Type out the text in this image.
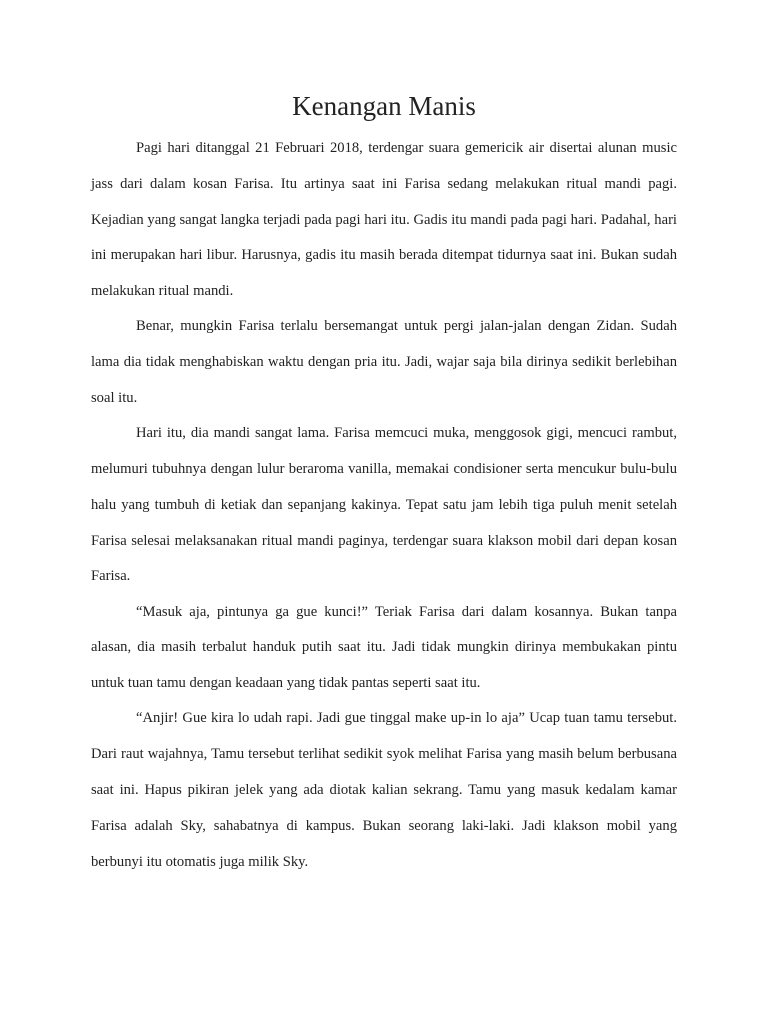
Kenangan Manis

Pagi hari ditanggal 21 Februari 2018, terdengar suara gemericik air disertai alunan music jass dari dalam kosan Farisa. Itu artinya saat ini Farisa sedang melakukan ritual mandi pagi. Kejadian yang sangat langka terjadi pada pagi hari itu. Gadis itu mandi pada pagi hari. Padahal, hari ini merupakan hari libur. Harusnya, gadis itu masih berada ditempat tidurnya saat ini. Bukan sudah melakukan ritual mandi.

Benar, mungkin Farisa terlalu bersemangat untuk pergi jalan-jalan dengan Zidan. Sudah lama dia tidak menghabiskan waktu dengan pria itu. Jadi, wajar saja bila dirinya sedikit berlebihan soal itu.

Hari itu, dia mandi sangat lama. Farisa memcuci muka, menggosok gigi, mencuci rambut, melumuri tubuhnya dengan lulur beraroma vanilla, memakai condisioner serta mencukur bulu-bulu halu yang tumbuh di ketiak dan sepanjang kakinya. Tepat satu jam lebih tiga puluh menit setelah Farisa selesai melaksanakan ritual mandi paginya, terdengar suara klakson mobil dari depan kosan Farisa.

“Masuk aja, pintunya ga gue kunci!” Teriak Farisa dari dalam kosannya. Bukan tanpa alasan, dia masih terbalut handuk putih saat itu. Jadi tidak mungkin dirinya membukakan pintu untuk tuan tamu dengan keadaan yang tidak pantas seperti saat itu.

“Anjir! Gue kira lo udah rapi. Jadi gue tinggal make up-in lo aja” Ucap tuan tamu tersebut. Dari raut wajahnya, Tamu tersebut terlihat sedikit syok melihat Farisa yang masih belum berbusana saat ini. Hapus pikiran jelek yang ada diotak kalian sekrang. Tamu yang masuk kedalam kamar Farisa adalah Sky, sahabatnya di kampus. Bukan seorang laki-laki. Jadi klakson mobil yang berbunyi itu otomatis juga milik Sky.
